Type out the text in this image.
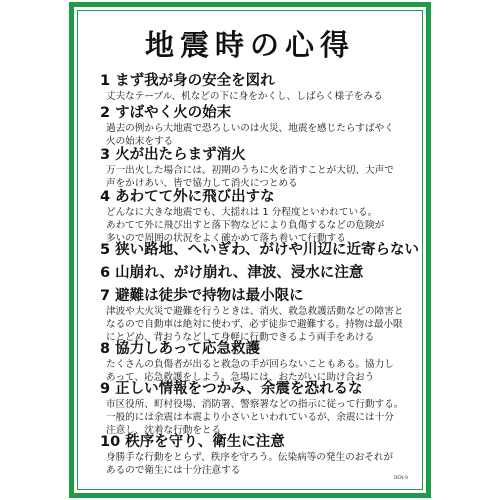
地震時の心得
1 まず我が身の安全を図れ
丈夫なテーブル、机などの下に身をかくし、しばらく様子をみる
2 すばやく火の始末
過去の例から大地震で恐ろしいのは火災、地震を感じたらすばやく
火の始末をする
3 火が出たらまず消火
万一出火した場合には、初期のうちに火を消すことが大切、大声で
声をかけあい、皆で協力して消火につとめる
4 あわてて外に飛び出すな
どんなに大きな地震でも、大揺れは 1 分程度といわれている。
あわてて外に飛び出すと落下物などにより負傷するなどの危険が
多いので周囲の状況をよく確かめて落ち着いて行動する
5 狭い路地、へいぎわ、がけや川辺に近寄らない
6 山崩れ、がけ崩れ、津波、浸水に注意
7 避難は徒歩で持物は最小限に
津波や大火災で避難を行うときは、消火、救急救護活動などの障害と
なるので自動車は絶対に使わず、必ず徒歩で避難する。持物は最小限
にとどめ、背おうなどして身軽に行動できるよう両手をあける
8 協力しあって応急救護
たくさんの負傷者が出ると救急の手が回らないこともある。協力し
あって、応急救護をしよう。急場には、おたがいに助け合おう
9 正しい情報をつかみ、余震を恐れるな
市区役所、町村役場、消防署、警察署などの指示に従って行動する。
一般的には余震は本震より小さいといわれているが、余震には十分
注意し、沈着な行動をとる
10 秩序を守り、衛生に注意
身勝手な行動をとらず、秩序を守ろう。伝染病等の発生のおそれが
あるので衛生には十分注意する
DEN-9
